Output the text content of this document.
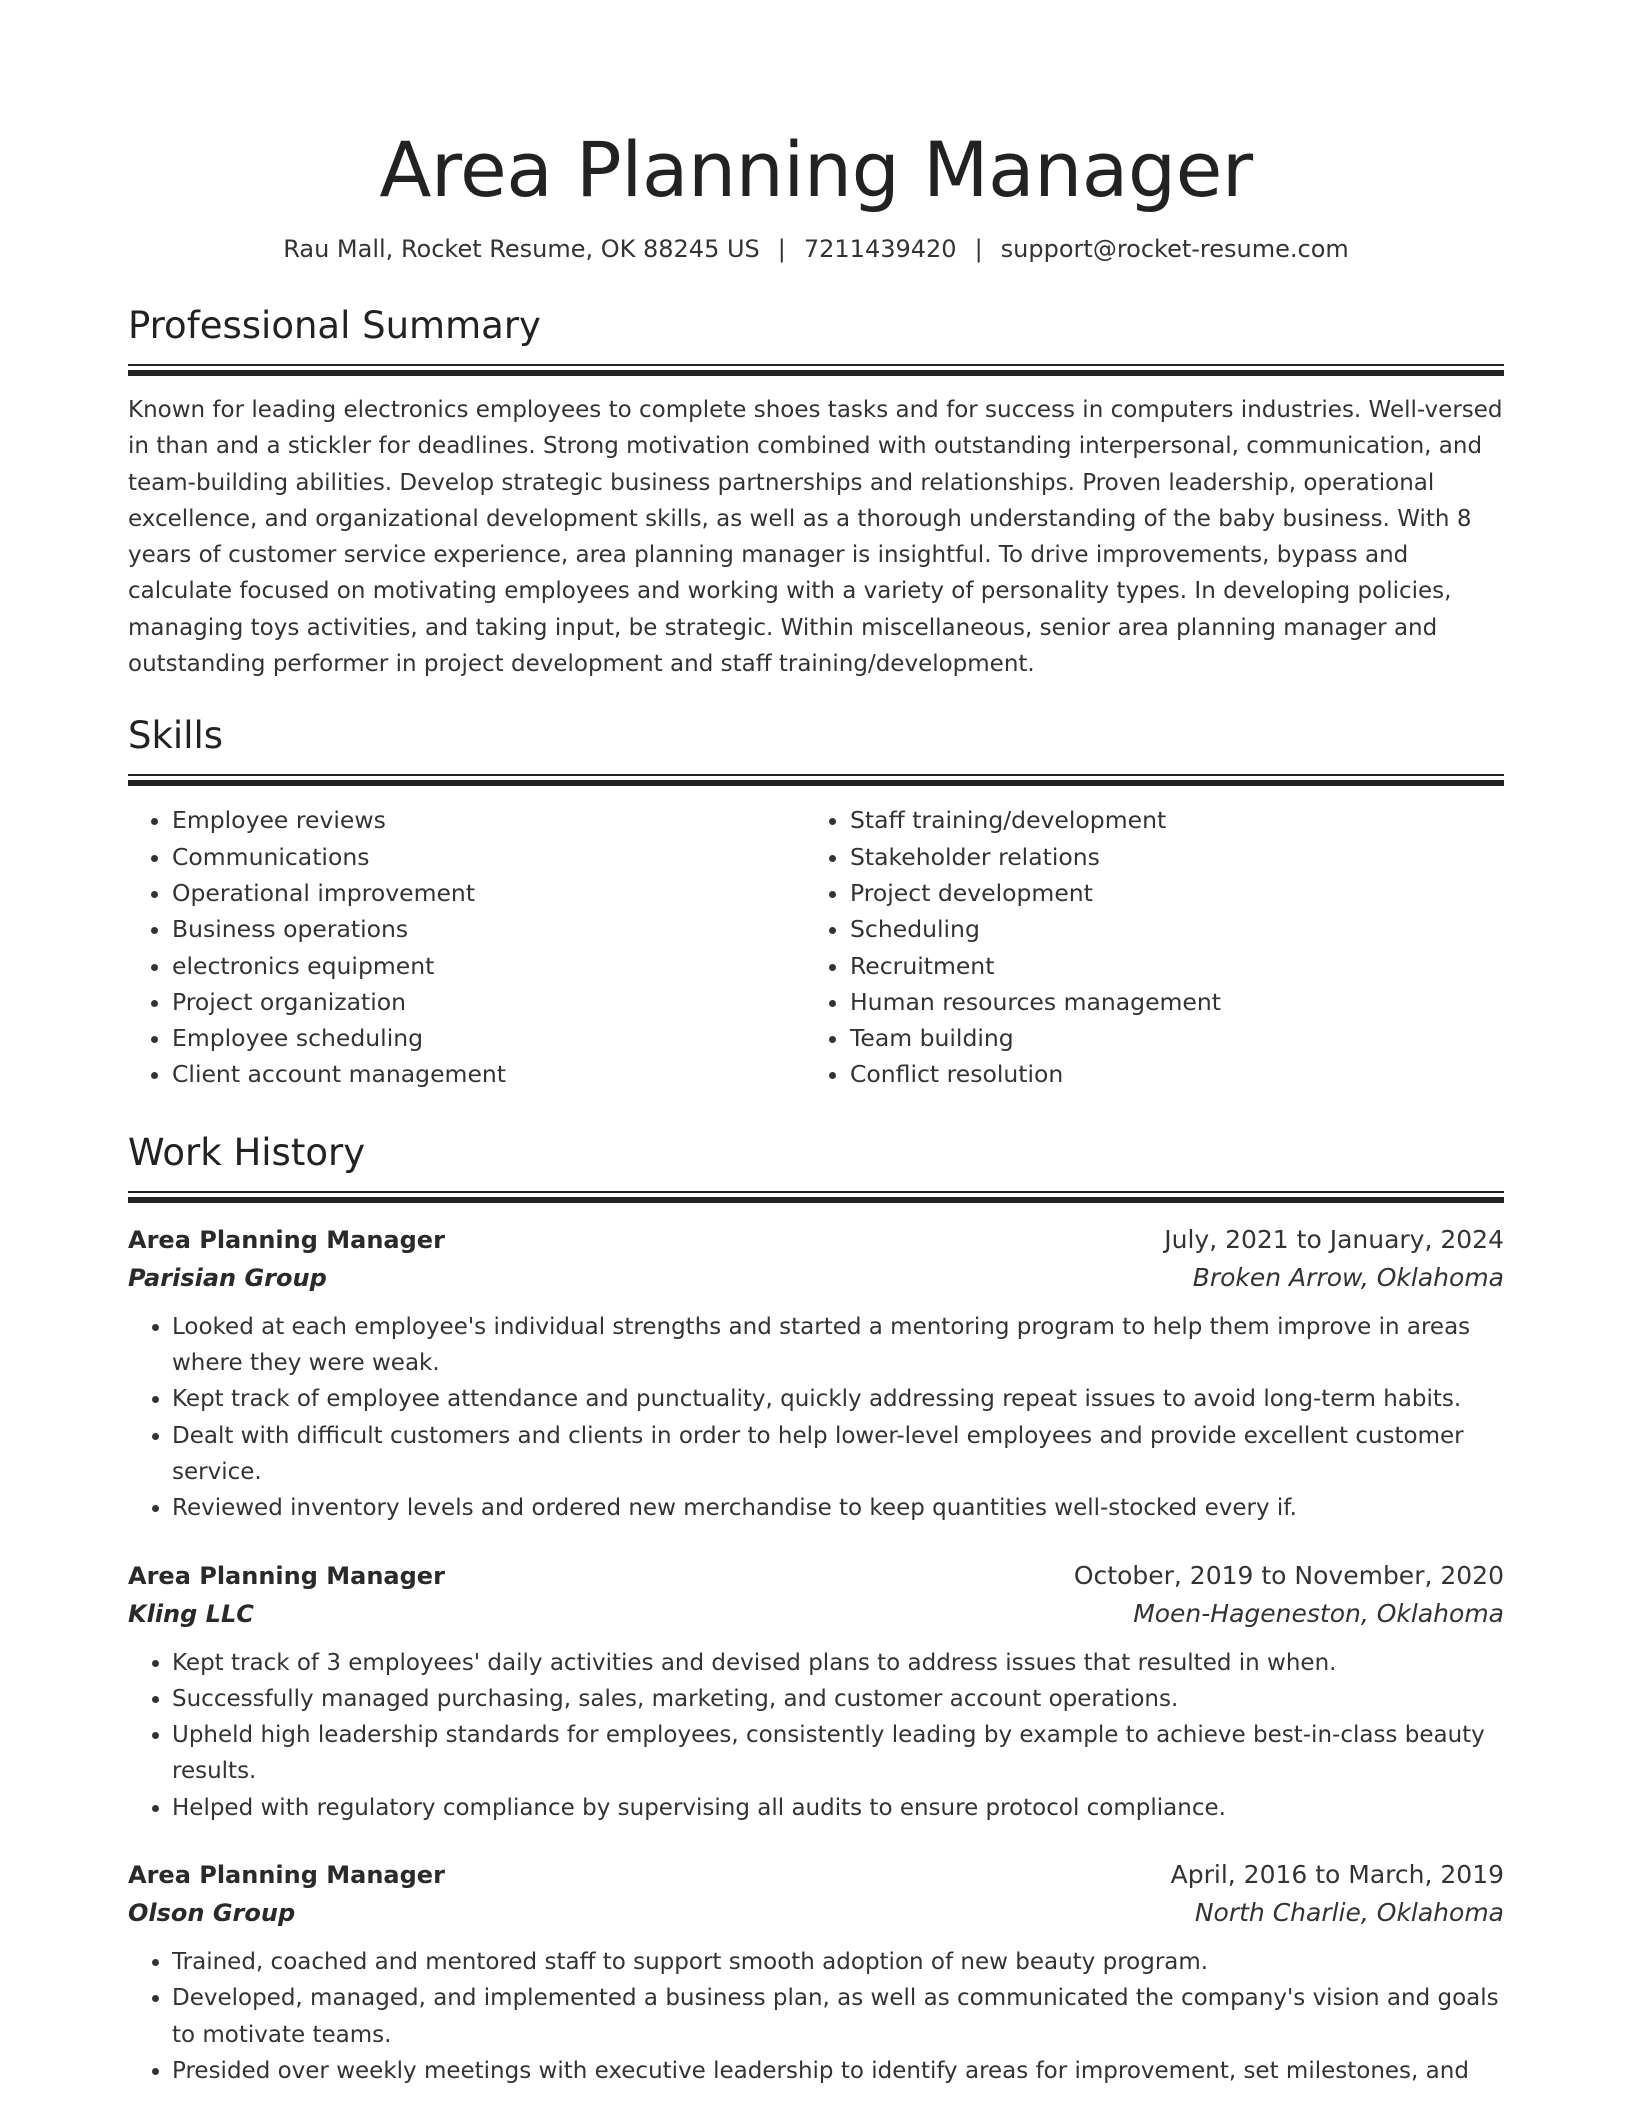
Area Planning Manager
Rau Mall, Rocket Resume, OK 88245 US | 7211439420 | support@rocket-resume.com
Professional Summary

Known for leading electronics employees to complete shoes tasks and for success in computers industries. Well-versed in than and a stickler for deadlines. Strong motivation combined with outstanding interpersonal, communication, and team-building abilities. Develop strategic business partnerships and relationships. Proven leadership, operational excellence, and organizational development skills, as well as a thorough understanding of the baby business. With 8 years of customer service experience, area planning manager is insightful. To drive improvements, bypass and calculate focused on motivating employees and working with a variety of personality types. In developing policies, managing toys activities, and taking input, be strategic. Within miscellaneous, senior area planning manager and outstanding performer in project development and staff training/development.

Skills
• Employee reviews
• Communications
• Operational improvement
• Business operations
• electronics equipment
• Project organization
• Employee scheduling
• Client account management
• Staff training/development
• Stakeholder relations
• Project development
• Scheduling
• Recruitment
• Human resources management
• Team building
• Conflict resolution
Work History
Area Planning Manager	July, 2021 to January, 2024
Parisian Group	Broken Arrow, Oklahoma
• Looked at each employee's individual strengths and started a mentoring program to help them improve in areas where they were weak.
• Kept track of employee attendance and punctuality, quickly addressing repeat issues to avoid long-term habits.
• Dealt with difficult customers and clients in order to help lower-level employees and provide excellent customer service.
• Reviewed inventory levels and ordered new merchandise to keep quantities well-stocked every if.
Area Planning Manager	October, 2019 to November, 2020
Kling LLC	Moen-Hageneston, Oklahoma
• Kept track of 3 employees' daily activities and devised plans to address issues that resulted in when.
• Successfully managed purchasing, sales, marketing, and customer account operations.
• Upheld high leadership standards for employees, consistently leading by example to achieve best-in-class beauty results.
• Helped with regulatory compliance by supervising all audits to ensure protocol compliance.
Area Planning Manager	April, 2016 to March, 2019
Olson Group	North Charlie, Oklahoma
• Trained, coached and mentored staff to support smooth adoption of new beauty program.
• Developed, managed, and implemented a business plan, as well as communicated the company's vision and goals to motivate teams.
• Presided over weekly meetings with executive leadership to identify areas for improvement, set milestones, and
